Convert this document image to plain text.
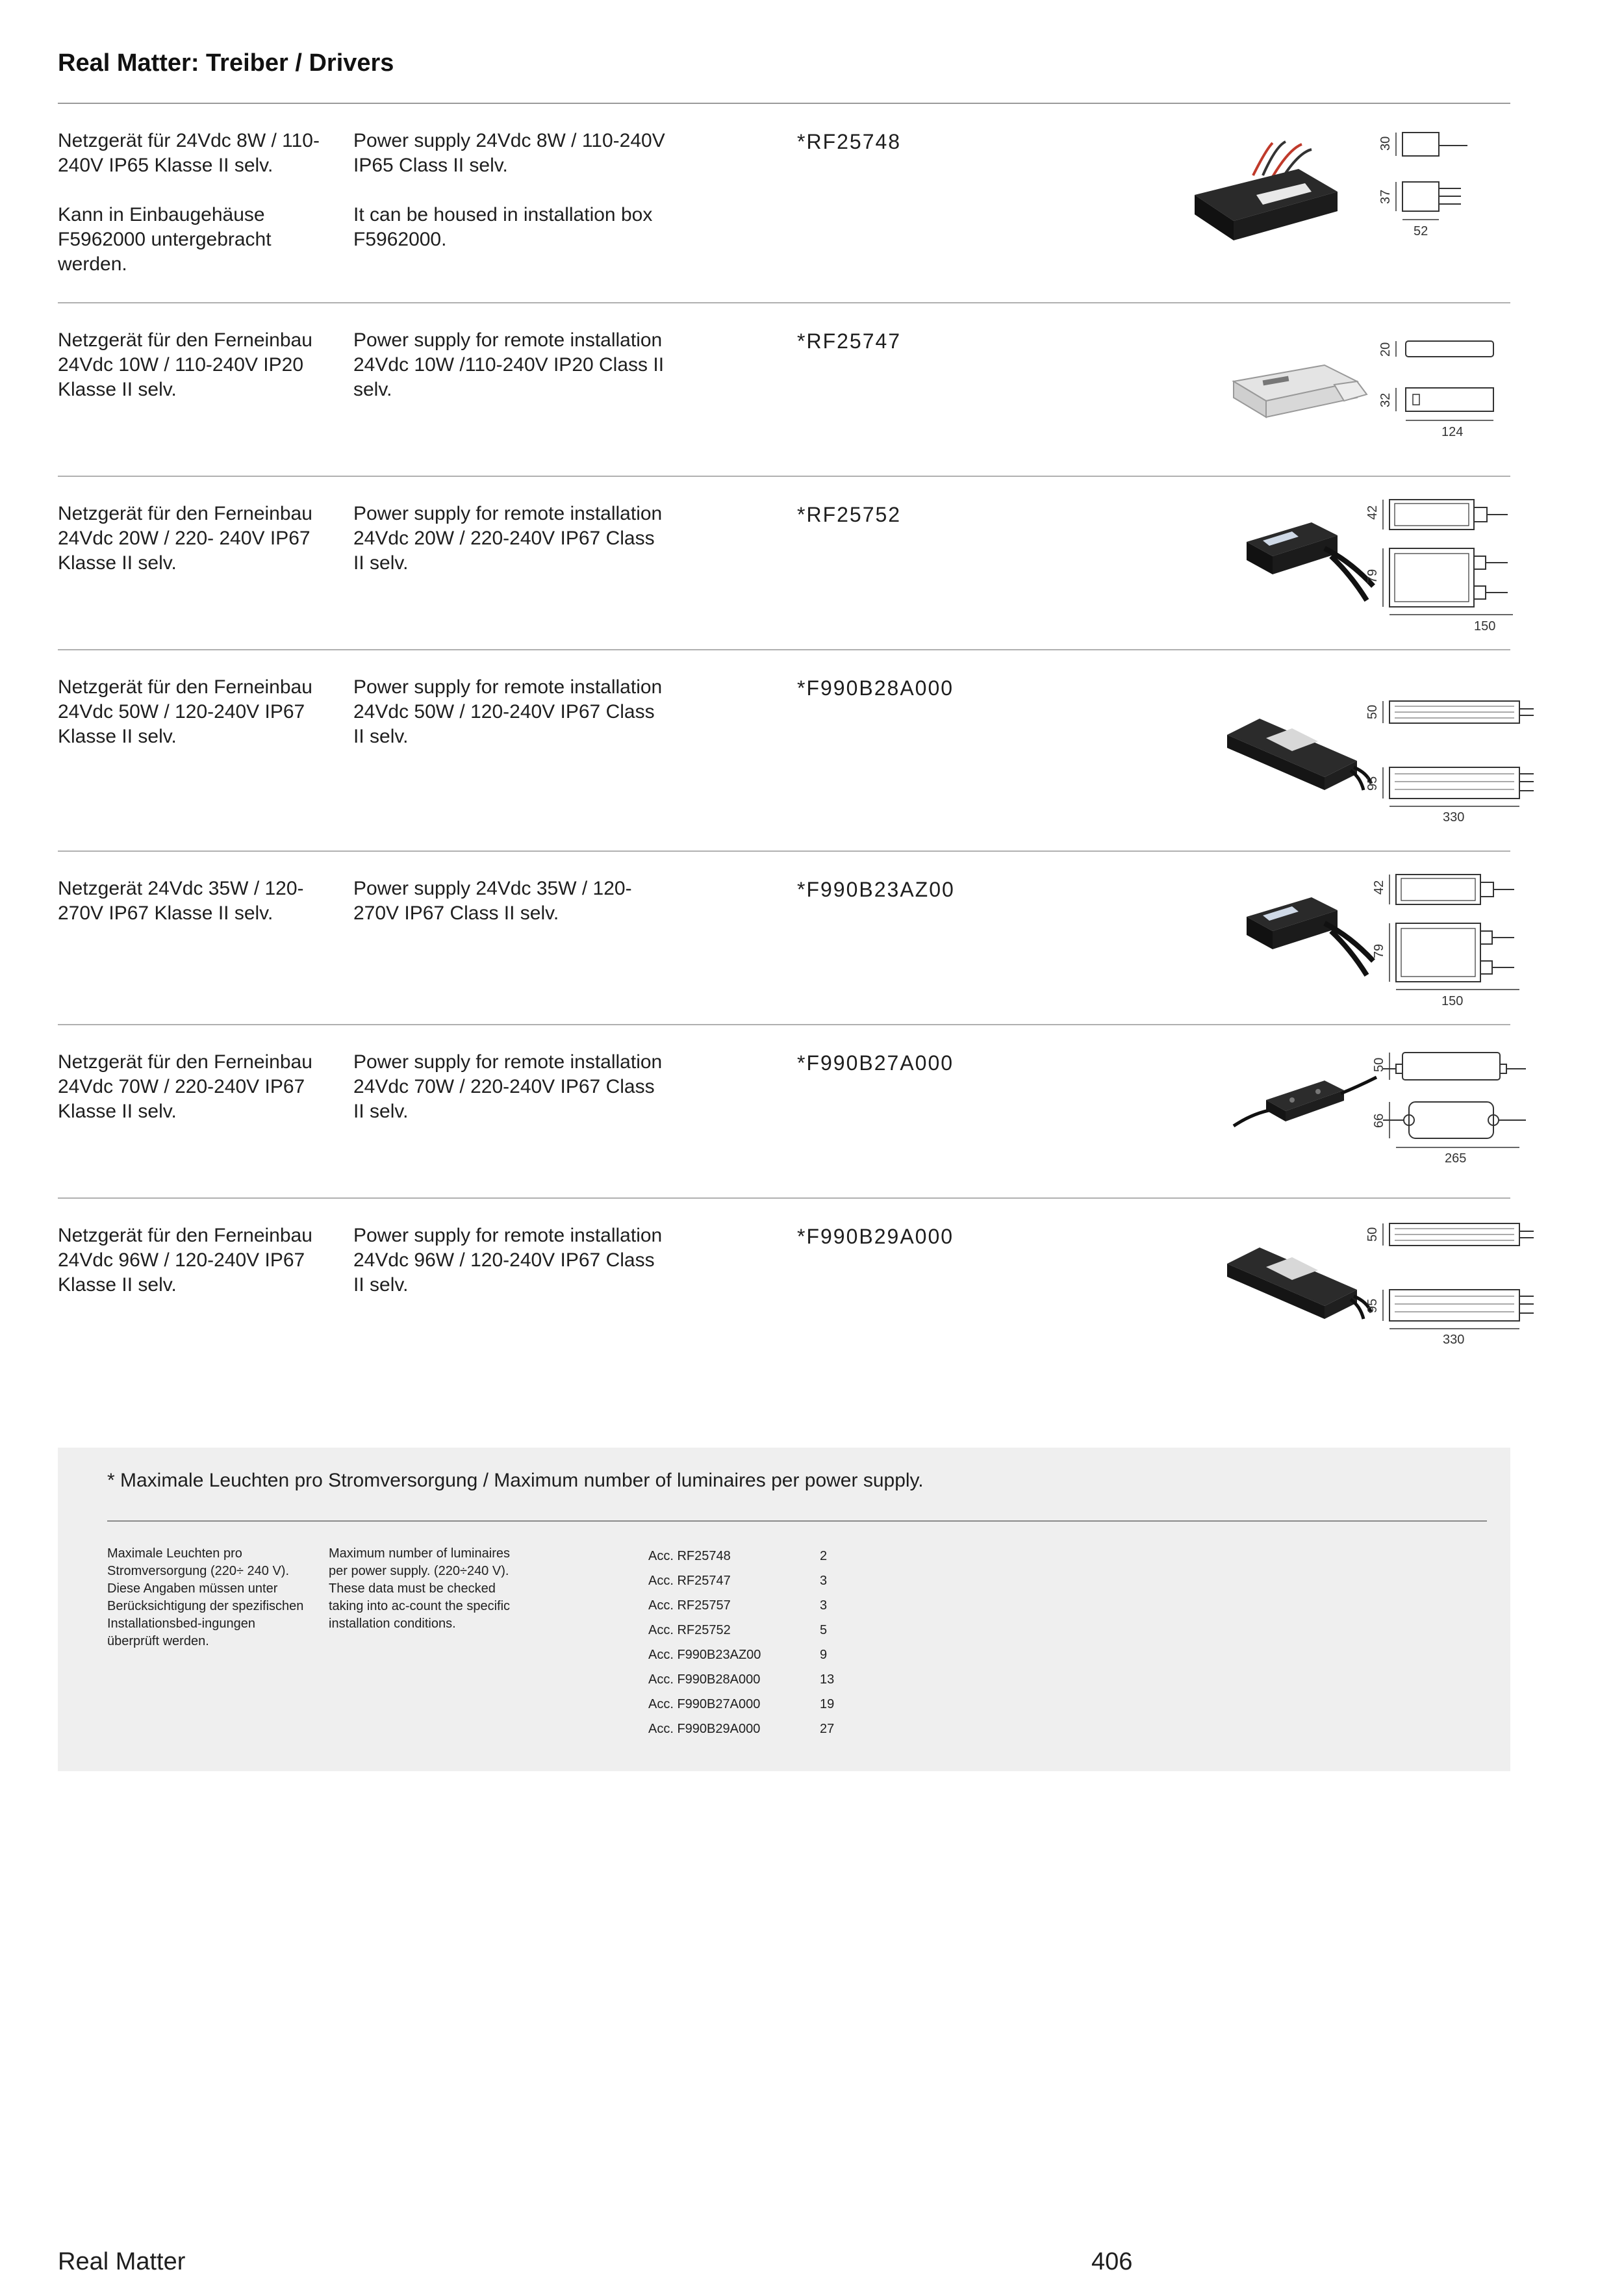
Real Matter: Treiber / Drivers

Netzgerät für 24Vdc 8W / 110-240V IP65 Klasse II selv.

Kann in Einbaugehäuse F5962000 untergebracht werden.

Power supply 24Vdc 8W / 110-240V IP65 Class II selv.

It can be housed in installation box F5962000.

*RF25748	30
37
52

Netzgerät für den Ferneinbau 24Vdc 10W / 110-240V IP20 Klasse II selv.

Power supply for remote installation 24Vdc 10W /110-240V IP20 Class II selv.

*RF25747	20
32
124

Netzgerät für den Ferneinbau 24Vdc 20W / 220- 240V IP67 Klasse II selv.

Power supply for remote installation 24Vdc 20W / 220-240V IP67 Class II selv.

*RF25752	42
79
150

Netzgerät für den Ferneinbau 24Vdc 50W / 120-240V IP67 Klasse II selv.

Power supply for remote installation 24Vdc 50W / 120-240V IP67 Class II selv.

*F990B28A000
50
95
330

Netzgerät 24Vdc 35W / 120-270V IP67 Klasse II selv.

Power supply 24Vdc 35W / 120-270V IP67 Class II selv.

*F990B23AZ00	42
79
150

Netzgerät für den Ferneinbau 24Vdc 70W / 220-240V IP67 Klasse II selv.

Power supply for remote installation 24Vdc 70W / 220-240V IP67 Class II selv.

*F990B27A000	50
66
265

Netzgerät für den Ferneinbau 24Vdc 96W / 120-240V IP67 Klasse II selv.

Power supply for remote installation 24Vdc 96W / 120-240V IP67 Class II selv.

*F990B29A000	50
95
330
* Maximale Leuchten pro Stromversorgung / Maximum number of luminaires per power supply.
Maximale Leuchten pro Stromversorgung (220÷ 240 V). Diese Angaben müssen unter Berücksichtigung der spezifischen Installationsbed-ingungen überprüft werden.
Maximum number of luminaires per power supply. (220÷240 V). These data must be checked taking into ac-count the specific installation conditions.
Acc. RF25748	2
Acc. RF25747	3
Acc. RF25757	3
Acc. RF25752	5
Acc. F990B23AZ00	9
Acc. F990B28A000	13
Acc. F990B27A000	19
Acc. F990B29A000	27
Real Matter	406
